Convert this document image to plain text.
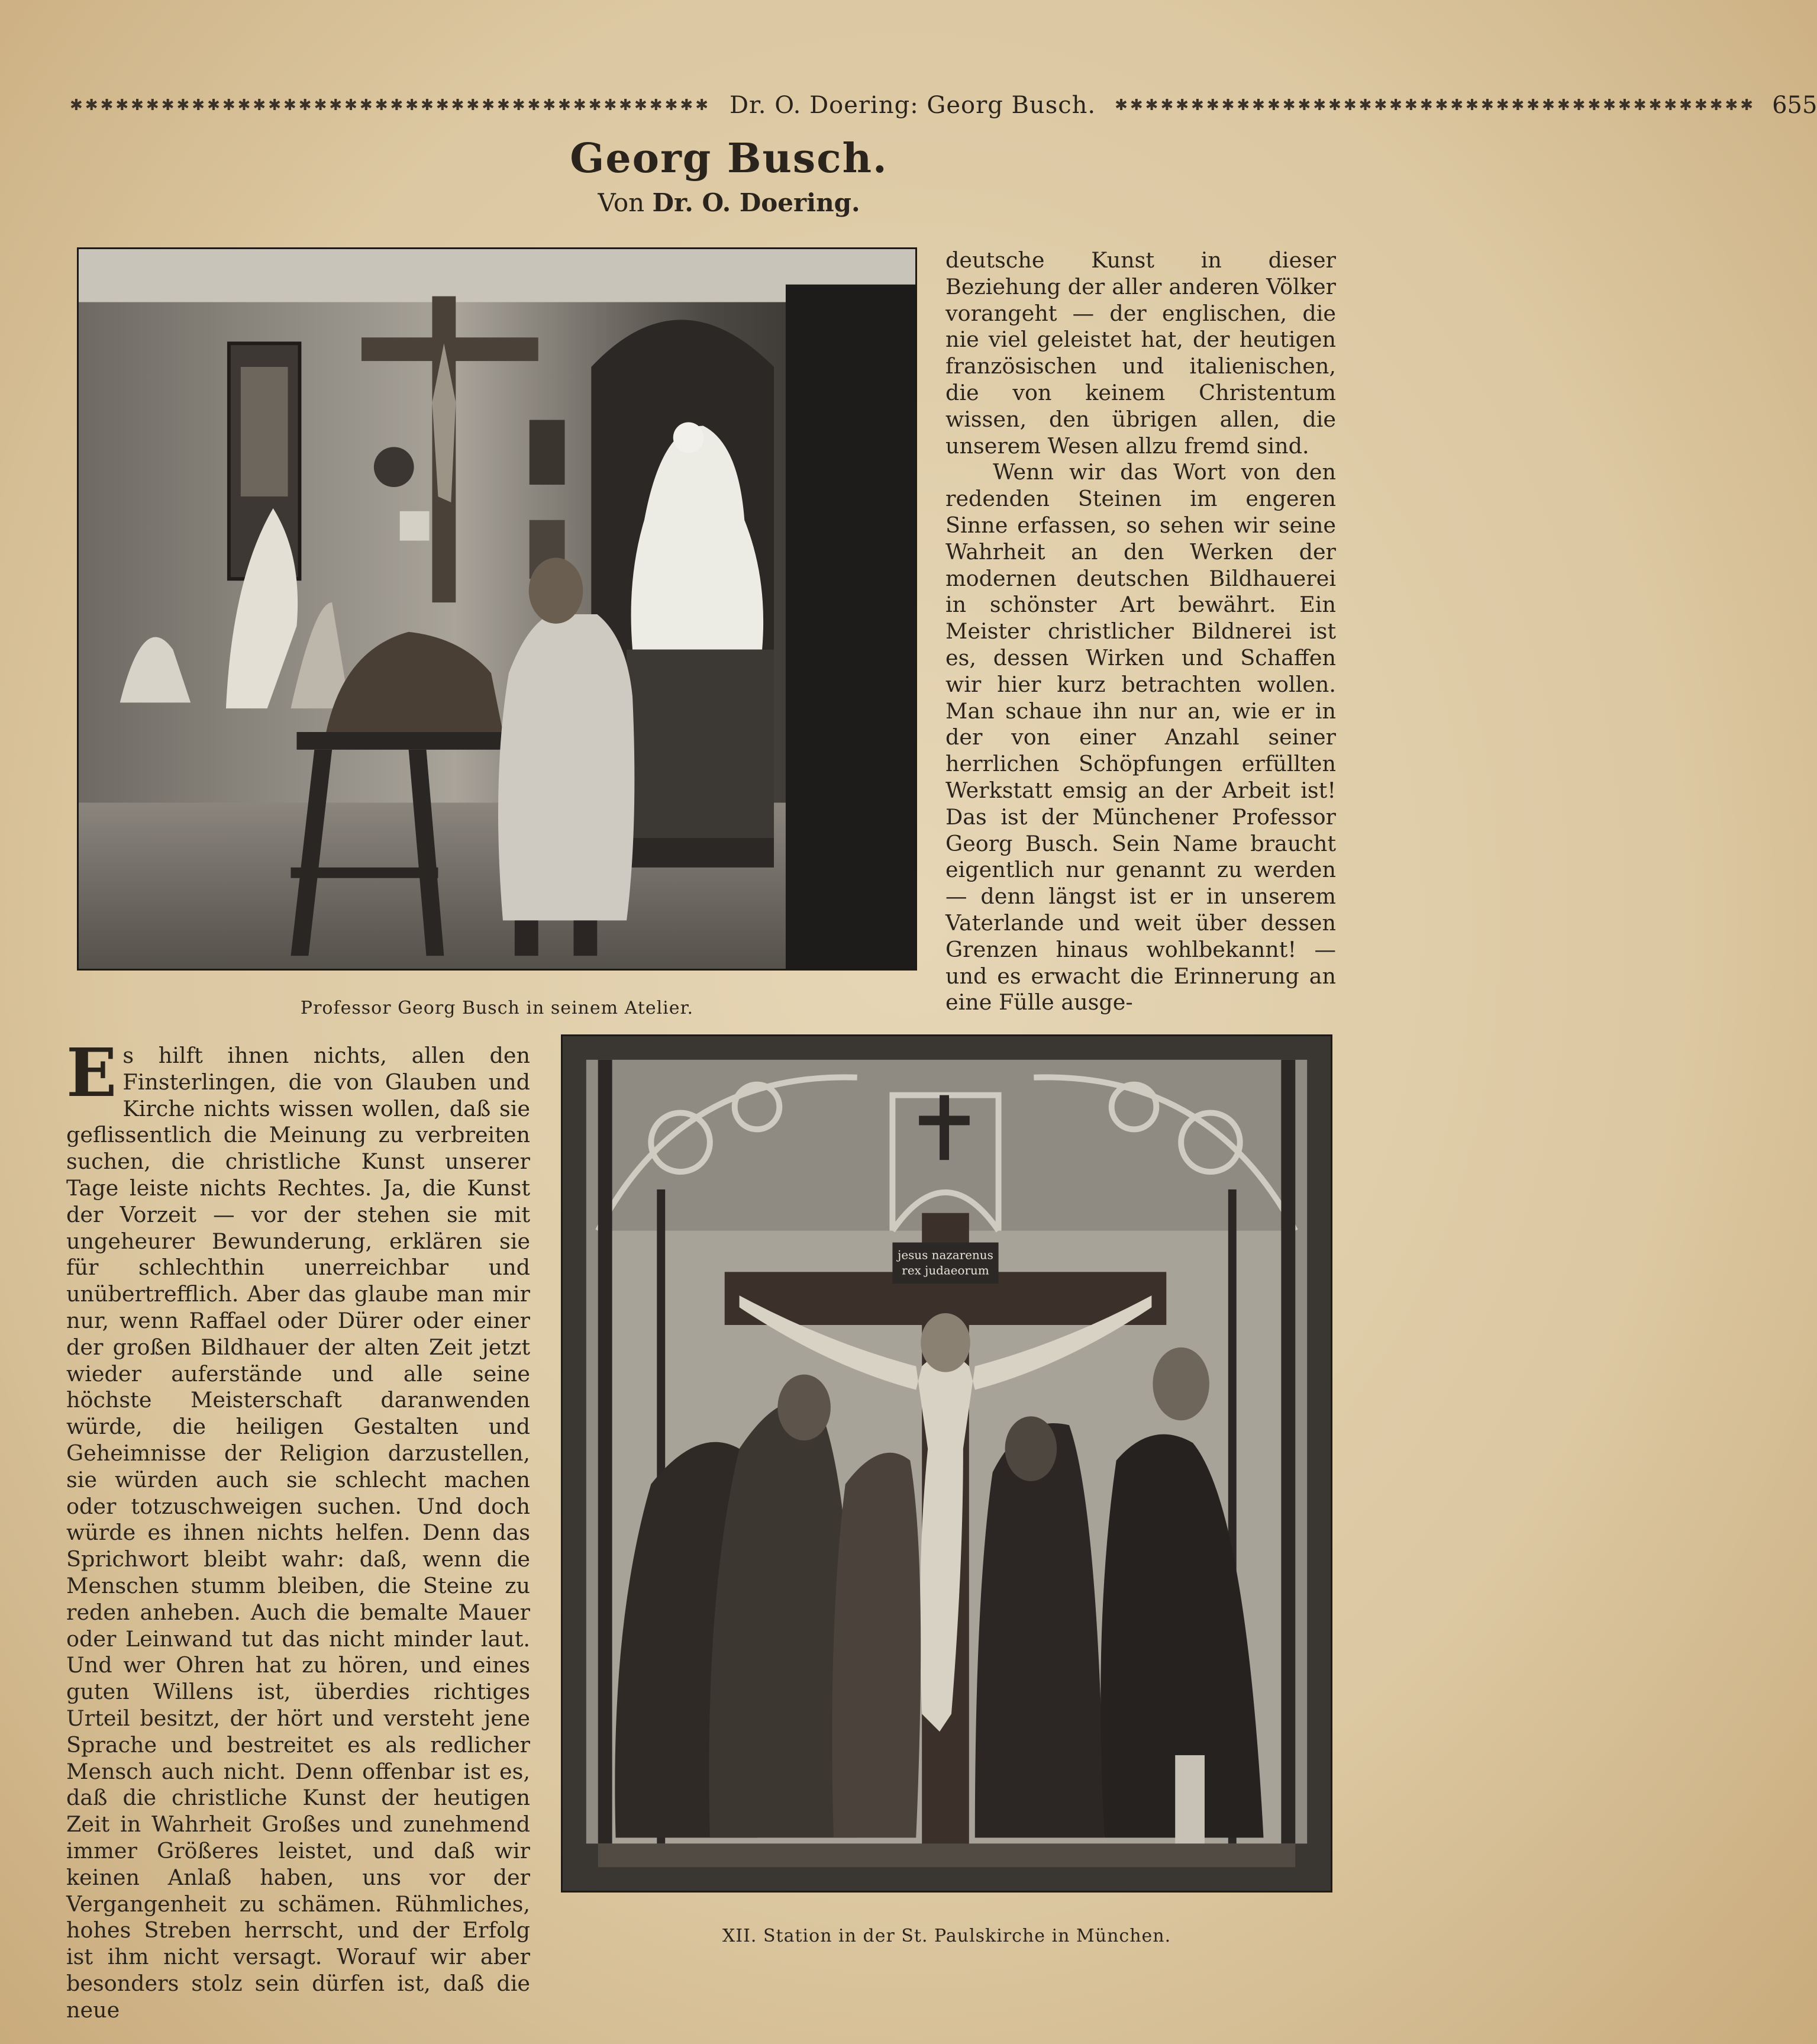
✱✱✱✱✱✱✱✱✱✱✱✱✱✱✱✱✱✱✱✱✱✱✱✱✱✱✱✱✱✱✱✱✱✱✱✱✱✱✱✱✱✱ Dr. O. Doering: Georg Busch.	✱✱✱✱✱✱✱✱✱✱✱✱✱✱✱✱✱✱✱✱✱✱✱✱✱✱✱✱✱✱✱✱✱✱✱✱✱✱✱✱✱✱ 655
Georg Busch.

Von Dr. O. Doering.

Professor Georg Busch in seinem Atelier.

deutsche Kunst in dieser Beziehung der aller anderen Völker vorangeht — der englischen, die nie viel geleistet hat, der heutigen französischen und italienischen, die von keinem Christentum wissen, den übrigen allen, die unserem Wesen allzu fremd sind.

Wenn wir das Wort von den redenden Steinen im engeren Sinne erfassen, so sehen wir seine Wahrheit an den Werken der modernen deutschen Bildhauerei in schönster Art bewährt. Ein Meister christlicher Bildnerei ist es, dessen Wirken und Schaffen wir hier kurz betrachten wollen. Man schaue ihn nur an, wie er in der von einer Anzahl seiner herrlichen Schöpfungen erfüllten Werkstatt emsig an der Arbeit ist! Das ist der Münchener Professor Georg Busch. Sein Name braucht eigentlich nur genannt zu werden — denn längst ist er in unserem Vaterlande und weit über dessen Grenzen hinaus wohlbekannt! — und es erwacht die Erinnerung an eine Fülle ausge-

E s hilft ihnen nichts, allen den Finsterlingen, die von Glauben und Kirche nichts wissen wollen, daß sie geflissentlich die Meinung zu verbreiten suchen, die christliche Kunst unserer Tage leiste nichts Rechtes. Ja, die Kunst der Vorzeit — vor der stehen sie mit ungeheurer Bewunderung, erklären sie für schlechthin unerreichbar und unübertrefflich. Aber das glaube man mir nur, wenn Raffael oder Dürer oder einer der großen Bildhauer der alten Zeit jetzt wieder auferstände und alle seine höchste Meisterschaft daranwenden würde, die heiligen Gestalten und Geheimnisse der Religion darzustellen, sie würden auch sie schlecht machen oder totzuschweigen suchen. Und doch würde es ihnen nichts helfen. Denn das Sprichwort bleibt wahr: daß, wenn die Menschen stumm bleiben, die Steine zu reden anheben. Auch die bemalte Mauer oder Leinwand tut das nicht minder laut. Und wer Ohren hat zu hören, und eines guten Willens ist, überdies richtiges Urteil besitzt, der hört und versteht jene Sprache und bestreitet es als redlicher Mensch auch nicht. Denn offenbar ist es, daß die christliche Kunst der heutigen Zeit in Wahrheit Großes und zunehmend immer Größeres leistet, und daß wir keinen Anlaß haben, uns vor der Vergangenheit zu schämen. Rühmliches, hohes Streben herrscht, und der Erfolg ist ihm nicht versagt. Worauf wir aber besonders stolz sein dürfen ist, daß die neue
jesus nazarenus
rex judaeorum

XII. Station in der St. Paulskirche in München.
